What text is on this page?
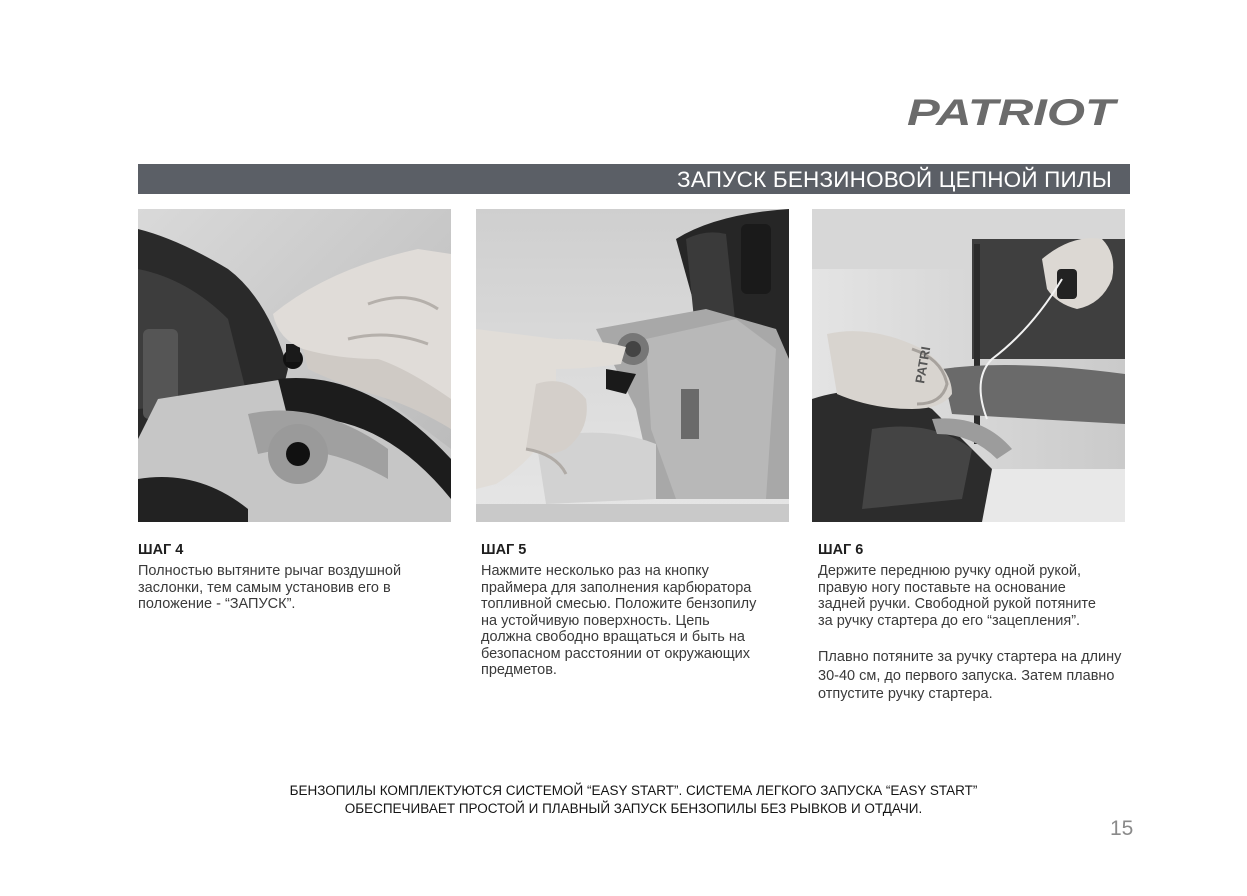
PATRIOT
ЗАПУСК БЕНЗИНОВОЙ ЦЕПНОЙ ПИЛЫ
PATRI
ШАГ 4
Полностью вытяните рычаг воздушной
заслонки, тем самым установив его в
положение - “ЗАПУСК”.
ШАГ 5
Нажмите несколько раз на кнопку
праймера для заполнения карбюратора
топливной смесью. Положите бензопилу
на устойчивую поверхность. Цепь
должна свободно вращаться и быть на
безопасном расстоянии от окружающих
предметов.
ШАГ 6
Держите переднюю ручку одной рукой,
правую ногу поставьте на основание
задней ручки. Свободной рукой потяните
за ручку стартера до его “зацепления”.
Плавно потяните за ручку стартера на длину
30-40 см, до первого запуска. Затем плавно
отпустите ручку стартера.
БЕНЗОПИЛЫ КОМПЛЕКТУЮТСЯ СИСТЕМОЙ “EASY START”. СИСТЕМА ЛЕГКОГО ЗАПУСКА “EASY START”
ОБЕСПЕЧИВАЕТ ПРОСТОЙ И ПЛАВНЫЙ ЗАПУСК БЕНЗОПИЛЫ БЕЗ РЫВКОВ И ОТДАЧИ.
15
